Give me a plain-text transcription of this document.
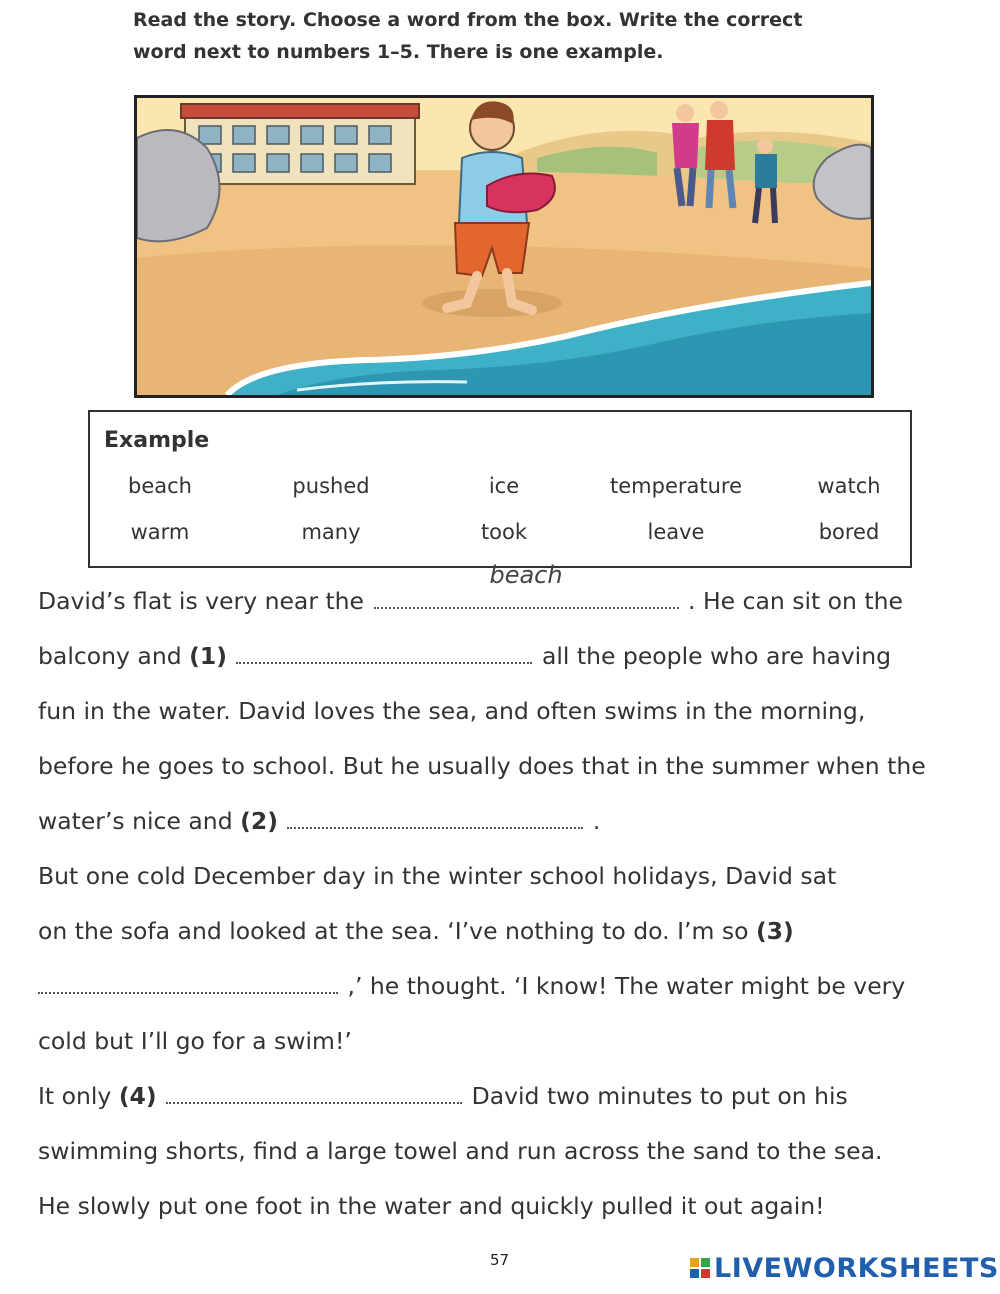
Read the story. Choose a word from the box. Write the correct
word next to numbers 1–5. There is one example.
Example
beach	pushed	ice	temperature	watch
warm	many	took	leave	bored
David’s flat is very near the
beach
. He can sit on the
balcony and (1)	all the people who are having
fun in the water. David loves the sea, and often swims in the morning,
before he goes to school. But he usually does that in the summer when the
water’s nice and (2)	.
But one cold December day in the winter school holidays, David sat
on the sofa and looked at the sea. ‘I’ve nothing to do. I’m so (3)
,’ he thought. ‘I know! The water might be very
cold but I’ll go for a swim!’
It only (4)	David two minutes to put on his
swimming shorts, find a large towel and run across the sand to the sea.
He slowly put one foot in the water and quickly pulled it out again!
57	LIVEWORKSHEETS
